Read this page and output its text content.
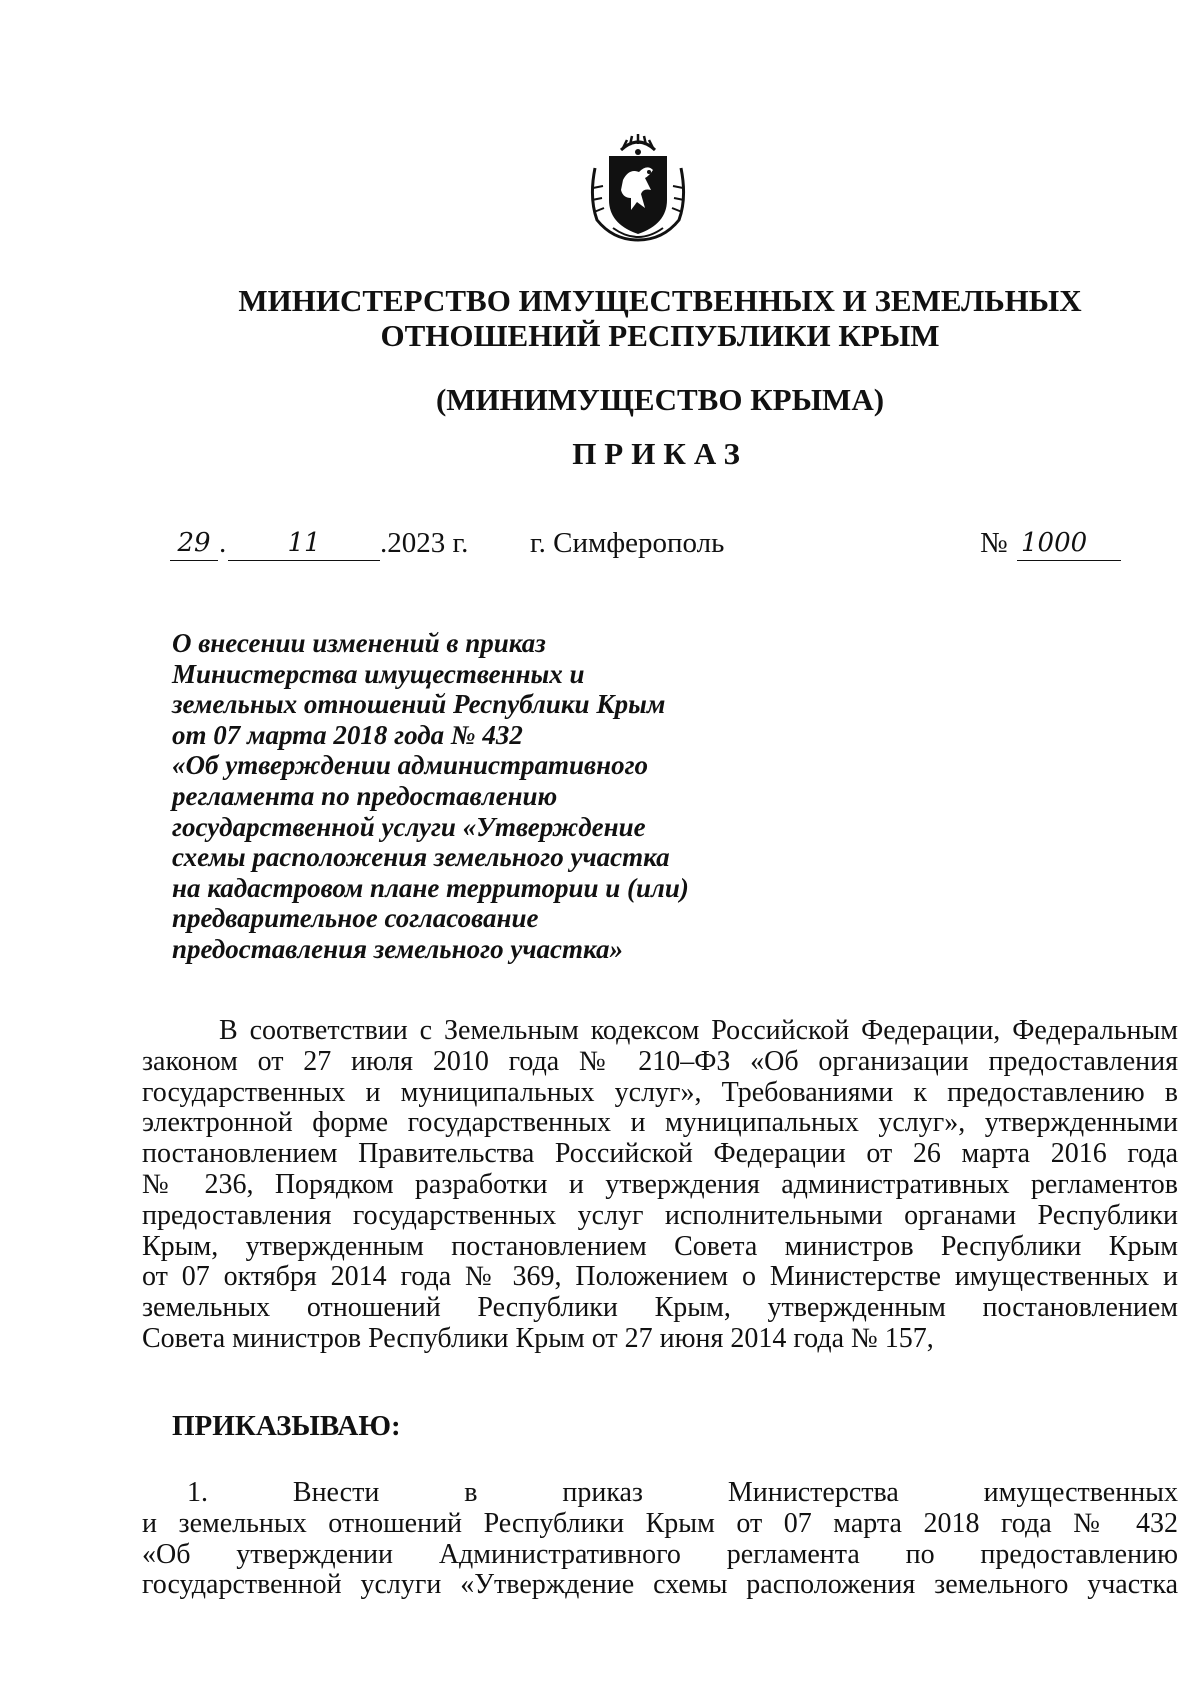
МИНИСТЕРСТВО ИМУЩЕСТВЕННЫХ И ЗЕМЕЛЬНЫХ
ОТНОШЕНИЙ РЕСПУБЛИКИ КРЫМ
(МИНИМУЩЕСТВО КРЫМА)
ПРИКАЗ
29 .	11	.2023 г. г. Симферополь	№ 1000
О внесении изменений в приказ
Министерства имущественных и
земельных отношений Республики Крым
от 07 марта 2018 года № 432
«Об утверждении административного
регламента по предоставлению
государственной услуги «Утверждение
схемы расположения земельного участка
на кадастровом плане территории и (или)
предварительное согласование
предоставления земельного участка»
В соответствии с Земельным кодексом Российской Федерации, Федеральным
законом от 27 июля 2010 года № 210–ФЗ «Об организации предоставления
государственных и муниципальных услуг», Требованиями к предоставлению в
электронной форме государственных и муниципальных услуг», утвержденными
постановлением Правительства Российской Федерации от 26 марта 2016 года
№ 236, Порядком разработки и утверждения административных регламентов
предоставления государственных услуг исполнительными органами Республики
Крым, утвержденным постановлением Совета министров Республики Крым
от 07 октября 2014 года № 369, Положением о Министерстве имущественных и
земельных отношений Республики Крым, утвержденным постановлением
Совета министров Республики Крым от 27 июня 2014 года № 157,
ПРИКАЗЫВАЮ:
1. Внести в приказ Министерства имущественных
и земельных отношений Республики Крым от 07 марта 2018 года № 432
«Об утверждении Административного регламента по предоставлению
государственной услуги «Утверждение схемы расположения земельного участка
